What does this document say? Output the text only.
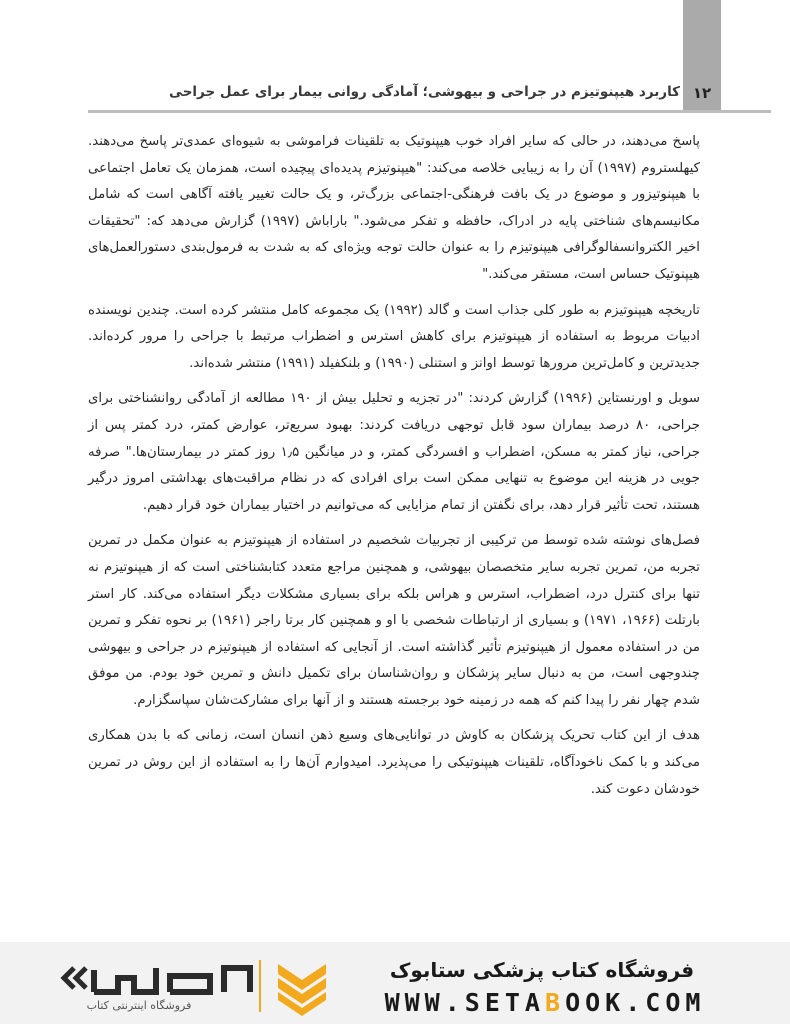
۱۲
کاربرد هیپنوتیزم در جراحی و بیهوشی؛ آمادگی روانی بیمار برای عمل جراحی

پاسخ می‌دهند، در حالی که سایر افراد خوب هیپنوتیک به تلقینات فراموشی به شیوه‌ای عمدی‌تر پاسخ می‌دهند. کیهلستروم (۱۹۹۷) آن را به زیبایی خلاصه می‌کند: "هیپنوتیزم پدیده‌ای پیچیده است، همزمان یک تعامل اجتماعی با هیپنوتیزور و موضوع در یک بافت فرهنگی-اجتماعی بزرگ‌تر، و یک حالت تغییر یافته آگاهی است که شامل مکانیسم‌های شناختی پایه در ادراک، حافظه و تفکر می‌شود." باراباش (۱۹۹۷) گزارش می‌دهد که: "تحقیقات اخیر الکتروانسفالوگرافی هیپنوتیزم را به عنوان حالت توجه ویژه‌ای که به شدت به فرمول‌بندی دستورالعمل‌های هیپنوتیک حساس است، مستقر می‌کند."

تاریخچه هیپنوتیزم به طور کلی جذاب است و گالد (۱۹۹۲) یک مجموعه کامل منتشر کرده است. چندین نویسنده ادبیات مربوط به استفاده از هیپنوتیزم برای کاهش استرس و اضطراب مرتبط با جراحی را مرور کرده‌اند. جدیدترین و کامل‌ترین مرورها توسط اوانز و استنلی (۱۹۹۰) و بلنکفیلد (۱۹۹۱) منتشر شده‌اند.

سوبل و اورنستاین (۱۹۹۶) گزارش کردند: "در تجزیه و تحلیل بیش از ۱۹۰ مطالعه از آمادگی روانشناختی برای جراحی، ۸۰ درصد بیماران سود قابل توجهی دریافت کردند: بهبود سریع‌تر، عوارض کمتر، درد کمتر پس از جراحی، نیاز کمتر به مسکن، اضطراب و افسردگی کمتر، و در میانگین ۱٫۵ روز کمتر در بیمارستان‌ها." صرفه جویی در هزینه این موضوع به تنهایی ممکن است برای افرادی که در نظام مراقبت‌های بهداشتی امروز درگیر هستند، تحت تأثیر قرار دهد، برای نگفتن از تمام مزایایی که می‌توانیم در اختیار بیماران خود قرار دهیم.

فصل‌های نوشته شده توسط من ترکیبی از تجربیات شخصیم در استفاده از هیپنوتیزم به عنوان مکمل در تمرین تجربه من، تمرین تجربه سایر متخصصان بیهوشی، و همچنین مراجع متعدد کتابشناختی است که از هیپنوتیزم نه تنها برای کنترل درد، اضطراب، استرس و هراس بلکه برای بسیاری مشکلات دیگر استفاده می‌کند. کار استر بارتلت (۱۹۶۶، ۱۹۷۱) و بسیاری از ارتباطات شخصی با او و همچنین کار برتا راجر (۱۹۶۱) بر نحوه تفکر و تمرین من در استفاده معمول از هیپنوتیزم تأثیر گذاشته است. از آنجایی که استفاده از هیپنوتیزم در جراحی و بیهوشی چندوجهی است، من به دنبال سایر پزشکان و روان‌شناسان برای تکمیل دانش و تمرین خود بودم. من موفق شدم چهار نفر را پیدا کنم که همه در زمینه خود برجسته هستند و از آنها برای مشارکت‌شان سپاسگزارم.

هدف از این کتاب تحریک پزشکان به کاوش در توانایی‌های وسیع ذهن انسان است، زمانی که با بدن همکاری می‌کند و با کمک ناخودآگاه، تلقینات هیپنوتیکی را می‌پذیرد. امیدوارم آن‌ها را به استفاده از این روش در تمرین خودشان دعوت کند.

فروشگاه اینترنتی کتاب
فروشگاه کتاب پزشکی ستابوک
WWW.SETABOOK.COM
